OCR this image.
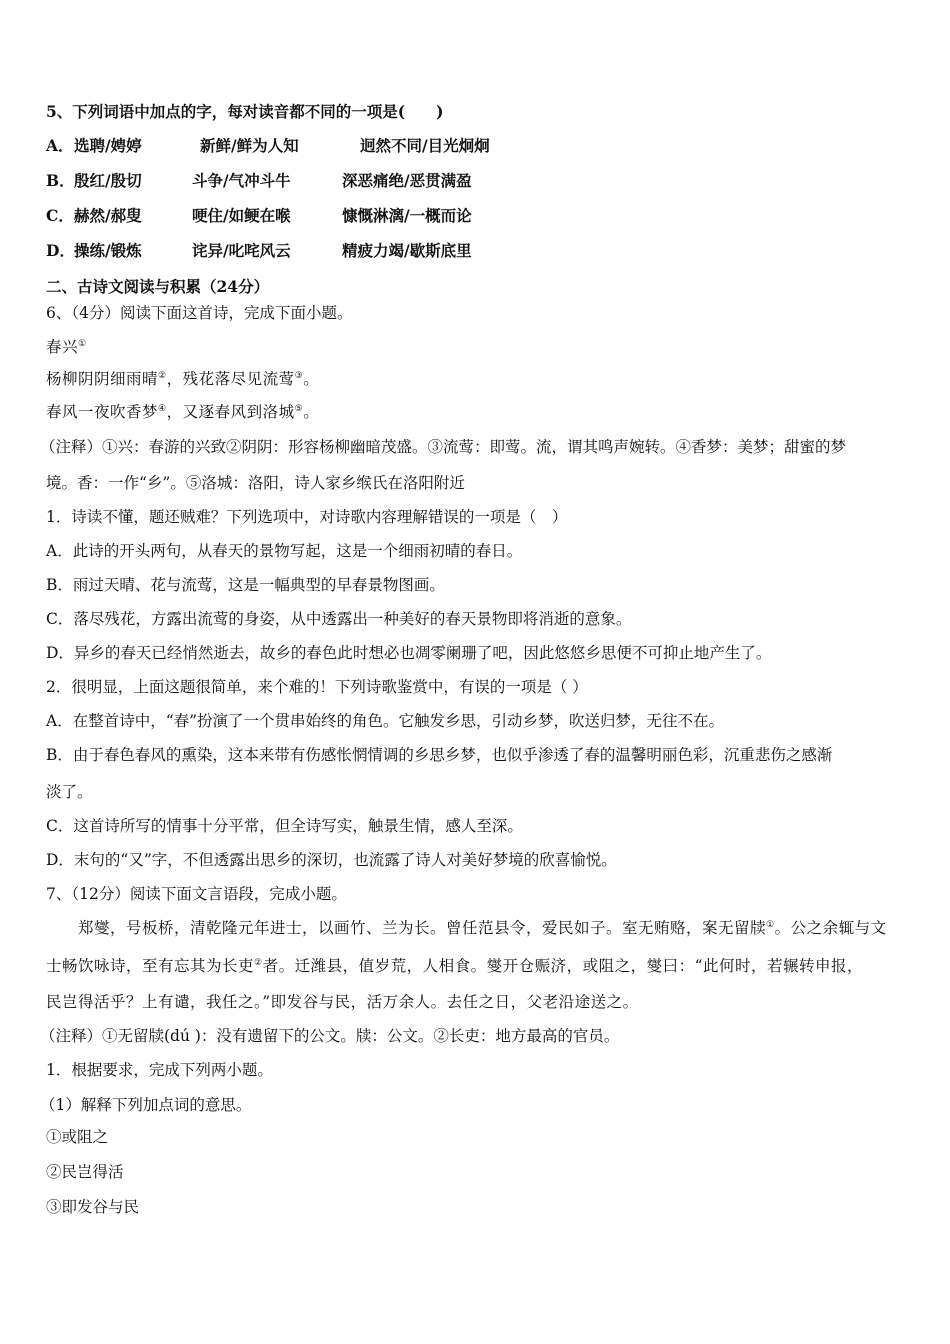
5、下列词语中加点的字，每对读音都不同的一项是(　　)
A．选聘/娉婷	新鲜/鲜为人知	迥然不同/目光炯炯
B．殷红/殷切	斗争/气冲斗牛	深恶痛绝/恶贯满盈
C．赫然/郝叟	哽住/如鲠在喉	慷慨淋漓/一概而论
D．操练/锻炼	诧异/叱咤风云	精疲力竭/歇斯底里
二、古诗文阅读与积累（24分）
6、（4分）阅读下面这首诗，完成下面小题。
春兴①
杨柳阴阴细雨晴②，残花落尽见流莺③。
春风一夜吹香梦④，又逐春风到洛城⑤。
（注释）①兴：春游的兴致②阴阴：形容杨柳幽暗茂盛。③流莺：即莺。流，谓其鸣声婉转。④香梦：美梦；甜蜜的梦
境。香：一作“乡”。⑤洛城：洛阳，诗人家乡缑氏在洛阳附近
1．诗读不懂，题还贼难？下列选项中，对诗歌内容理解错误的一项是（　）
A．此诗的开头两句，从春天的景物写起，这是一个细雨初晴的春日。
B．雨过天晴、花与流莺，这是一幅典型的早春景物图画。
C．落尽残花，方露出流莺的身姿，从中透露出一种美好的春天景物即将消逝的意象。
D．异乡的春天已经悄然逝去，故乡的春色此时想必也凋零阑珊了吧，因此悠悠乡思便不可抑止地产生了。
2．很明显，上面这题很简单，来个难的！下列诗歌鉴赏中，有误的一项是（ ）
A．在整首诗中，“春”扮演了一个贯串始终的角色。它触发乡思，引动乡梦，吹送归梦，无往不在。
B．由于春色春风的熏染，这本来带有伤感怅惘情调的乡思乡梦，也似乎渗透了春的温馨明丽色彩，沉重悲伤之感渐
淡了。
C．这首诗所写的情事十分平常，但全诗写实，触景生情，感人至深。
D．末句的“又”字，不但透露出思乡的深切，也流露了诗人对美好梦境的欣喜愉悦。
7、（12分）阅读下面文言语段，完成小题。
郑燮，号板桥，清乾隆元年进士，以画竹、兰为长。曾任范县令，爱民如子。室无贿赂，案无留牍①。公之余辄与文
士畅饮咏诗，至有忘其为长吏②者。迁潍县，值岁荒，人相食。燮开仓赈济，或阻之，燮曰：“此何时，若辗转申报，
民岂得活乎？上有谴，我任之。”即发谷与民，活万余人。去任之日，父老沿途送之。
（注释）①无留牍(dú )：没有遗留下的公文。牍：公文。②长吏：地方最高的官员。
1．根据要求，完成下列两小题。
（1）解释下列加点词的意思。
①或阻之
②民岂得活
③即发谷与民
